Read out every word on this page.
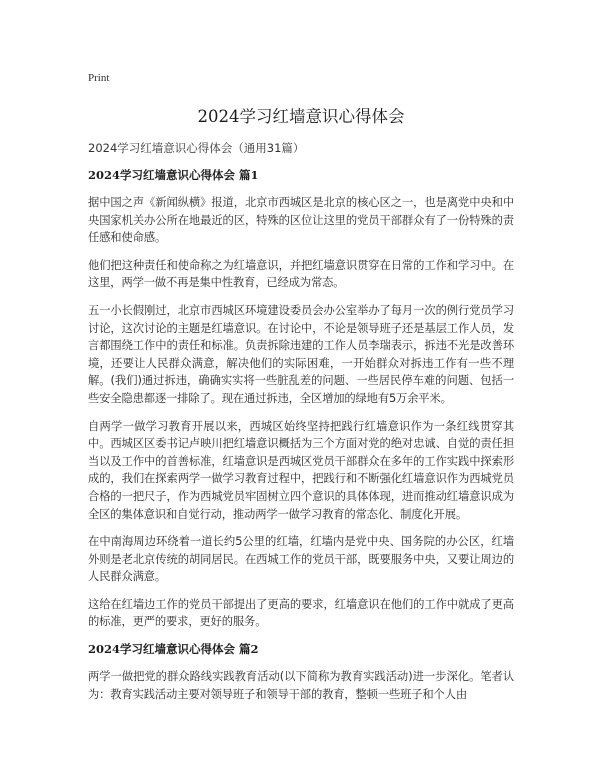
Print
2024学习红墙意识心得体会
2024学习红墙意识心得体会（通用31篇）
2024学习红墙意识心得体会 篇1

据中国之声《新闻纵横》报道，北京市西城区是北京的核心区之一，也是离党中央和中央国家机关办公所在地最近的区，特殊的区位让这里的党员干部群众有了一份特殊的责任感和使命感。

他们把这种责任和使命称之为红墙意识，并把红墙意识贯穿在日常的工作和学习中。在这里，两学一做不再是集中性教育，已经成为常态。

五一小长假刚过，北京市西城区环境建设委员会办公室举办了每月一次的例行党员学习讨论，这次讨论的主题是红墙意识。在讨论中，不论是领导班子还是基层工作人员，发言都围绕工作中的责任和标准。负责拆除违建的工作人员李瑞表示，拆违不光是改善环境，还要让人民群众满意，解决他们的实际困难，一开始群众对拆违工作有一些不理解。(我们)通过拆违，确确实实将一些脏乱差的问题、一些居民停车难的问题、包括一些安全隐患都逐一排除了。现在通过拆违，全区增加的绿地有5万余平米。

自两学一做学习教育开展以来，西城区始终坚持把践行红墙意识作为一条红线贯穿其中。西城区区委书记卢映川把红墙意识概括为三个方面对党的绝对忠诚、自觉的责任担当以及工作中的首善标准，红墙意识是西城区党员干部群众在多年的工作实践中探索形成的，我们在探索两学一做学习教育过程中，把践行和不断强化红墙意识作为西城党员合格的一把尺子，作为西城党员牢固树立四个意识的具体体现，进而推动红墙意识成为全区的集体意识和自觉行动，推动两学一做学习教育的常态化、制度化开展。

在中南海周边环绕着一道长约5公里的红墙，红墙内是党中央、国务院的办公区，红墙外则是老北京传统的胡同居民。在西城工作的党员干部，既要服务中央，又要让周边的人民群众满意。

这给在红墙边工作的党员干部提出了更高的要求，红墙意识在他们的工作中就成了更高的标准，更严的要求，更好的服务。

2024学习红墙意识心得体会 篇2

两学一做把党的群众路线实践教育活动(以下简称为教育实践活动)进一步深化。笔者认为：教育实践活动主要对领导班子和领导干部的教育，整顿一些班子和个人由
